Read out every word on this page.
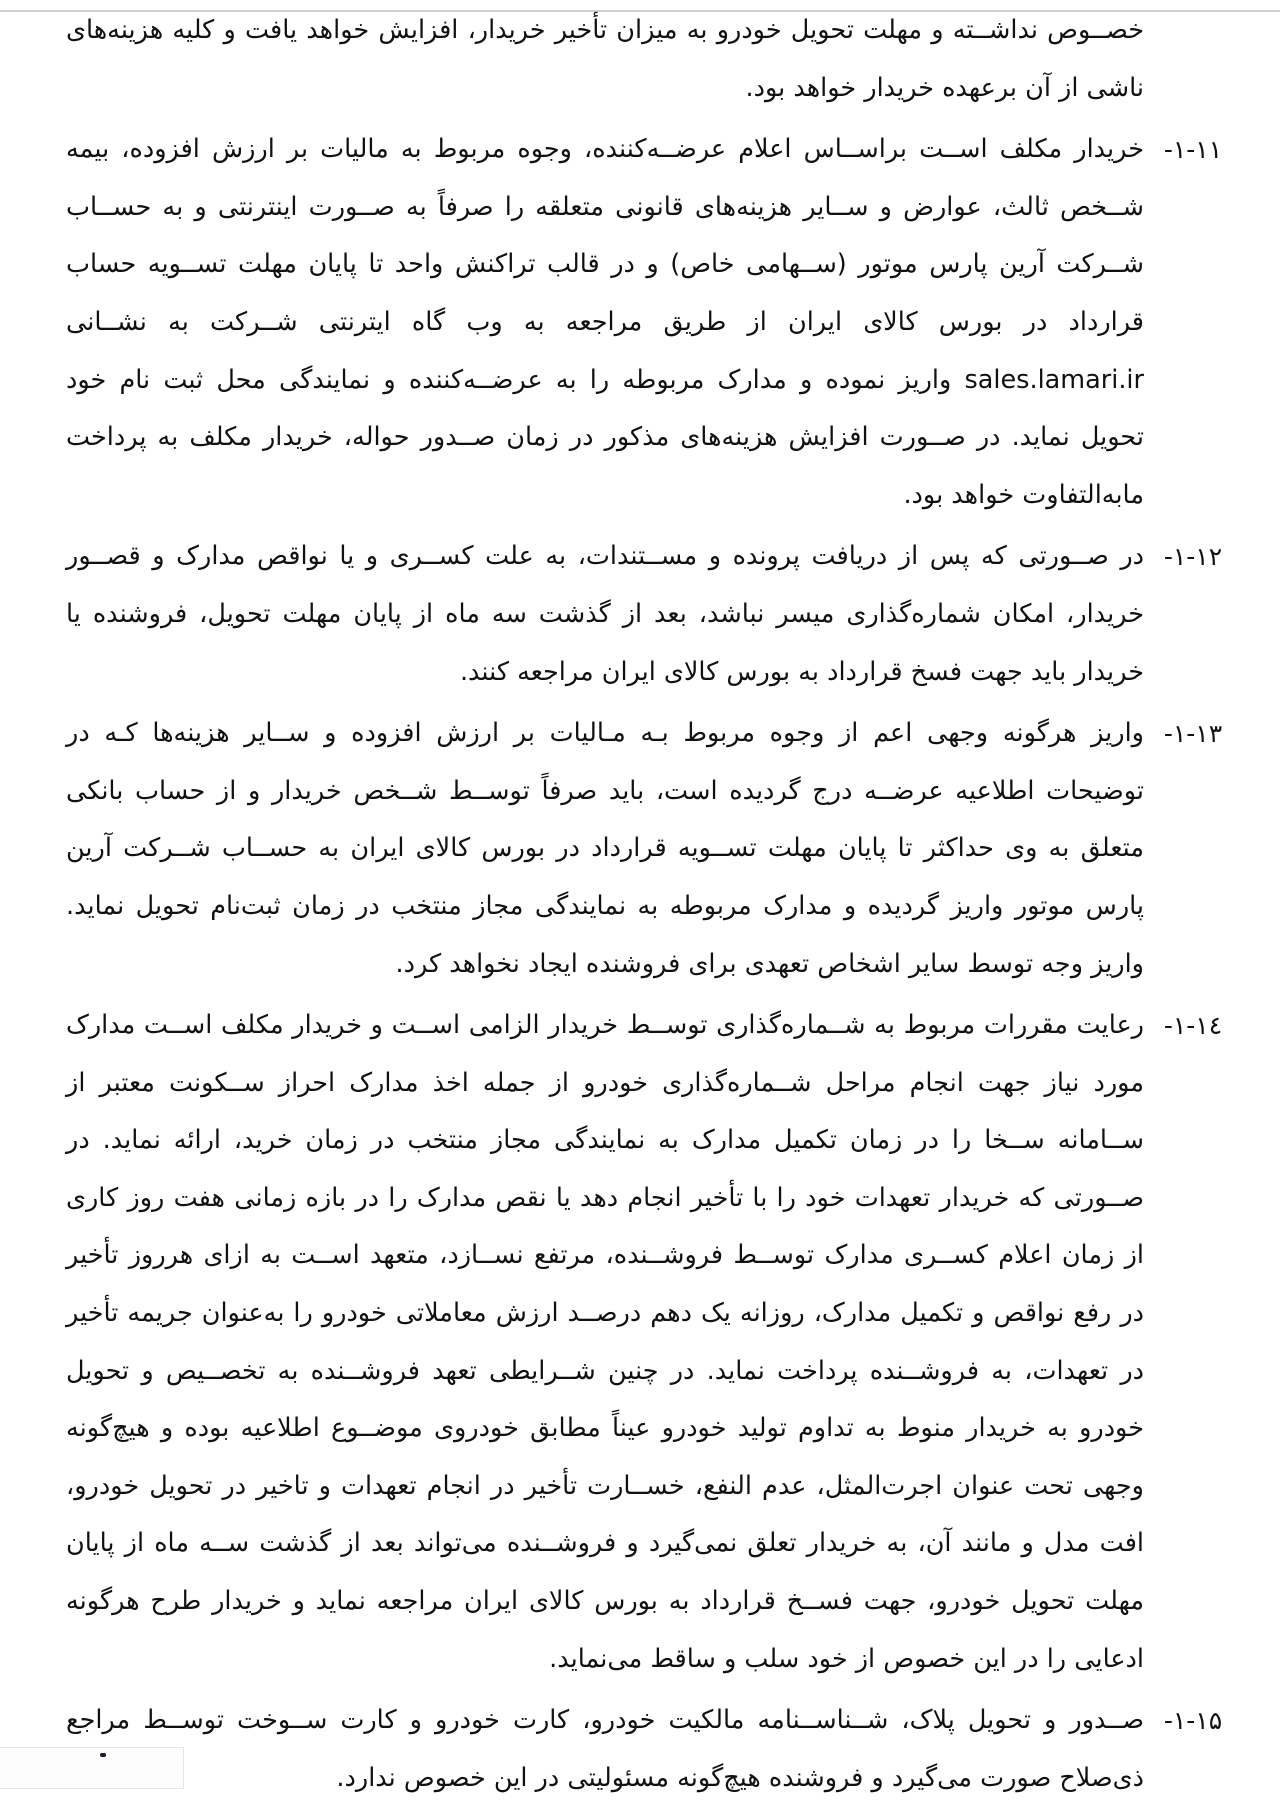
خصــوص نداشــته و مهلت تحویل خودرو به میزان تأخیر خریدار، افزایش خواهد یافت و کلیه هزینه‌های ناشی از آن برعهده خریدار خواهد بود.
-۱-۱۱
خریدار مکلف اســت براســاس اعلام عرضــه‌کننده، وجوه مربوط به مالیات بر ارزش افزوده، بیمه شــخص ثالث، عوارض و ســایر هزینه‌های قانونی متعلقه را صرفاً به صــورت اینترنتی و به حســاب شــرکت آرین پارس موتور (ســهامی خاص) و در قالب تراکنش واحد تا پایان مهلت تســویه حساب قرارداد در بورس کالای ایران از طریق مراجعه به وب گاه ایترنتی شــرکت به نشــانی sales.lamari.ir واریز نموده و مدارک مربوطه را به عرضــه‌کننده و نمایندگی محل ثبت نام خود تحویل نماید. در صــورت افزایش هزینه‌های مذکور در زمان صــدور حواله، خریدار مکلف به پرداخت مابه‌التفاوت خواهد بود.
-۱-۱۲
در صــورتی که پس از دریافت پرونده و مســتندات، به علت کســری و یا نواقص مدارک و قصــور خریدار، امکان شماره‌گذاری میسر نباشد، بعد از گذشت سه ماه از پایان مهلت تحویل، فروشنده یا خریدار باید جهت فسخ قرارداد به بورس کالای ایران مراجعه کنند.
-۱-۱۳
واریز هرگونه وجهی اعم از وجوه مربوط بـه مـالیات بر ارزش افزوده و ســایر هزینه‌ها کـه در توضیحات اطلاعیه عرضــه درج گردیده است، باید صرفاً توســط شــخص خریدار و از حساب بانکی متعلق به وی حداکثر تا پایان مهلت تســویه قرارداد در بورس کالای ایران به حســاب شــرکت آرین پارس موتور واریز گردیده و مدارک مربوطه به نمایندگی مجاز منتخب در زمان ثبت‌نام تحویل نماید. واریز وجه توسط سایر اشخاص تعهدی برای فروشنده ایجاد نخواهد کرد.
-۱-۱٤
رعایت مقررات مربوط به شــماره‌گذاری توســط خریدار الزامی اســت و خریدار مکلف اســت مدارک مورد نیاز جهت انجام مراحل شــماره‌گذاری خودرو از جمله اخذ مدارک احراز ســکونت معتبر از ســامانه ســخا را در زمان تکمیل مدارک به نمایندگی مجاز منتخب در زمان خرید، ارائه نماید. در صــورتی که خریدار تعهدات خود را با تأخیر انجام دهد یا نقص مدارک را در بازه زمانی هفت روز کاری از زمان اعلام کســری مدارک توســط فروشــنده، مرتفع نســازد، متعهد اســت به ازای هرروز تأخیر در رفع نواقص و تکمیل مدارک، روزانه یک دهم درصــد ارزش معاملاتی خودرو را به‌عنوان جریمه تأخیر در تعهدات، به فروشــنده پرداخت نماید. در چنین شــرایطی تعهد فروشــنده به تخصــیص و تحویل خودرو به خریدار منوط به تداوم تولید خودرو عیناً مطابق خودروی موضــوع اطلاعیه بوده و هیچ‌گونه وجهی تحت عنوان اجرت‌المثل، عدم النفع، خســارت تأخیر در انجام تعهدات و تاخیر در تحویل خودرو، افت مدل و مانند آن، به خریدار تعلق نمی‌گیرد و فروشــنده می‌تواند بعد از گذشت ســه ماه از پایان مهلت تحویل خودرو، جهت فســخ قرارداد به بورس کالای ایران مراجعه نماید و خریدار طرح هرگونه ادعایی را در این خصوص از خود سلب و ساقط می‌نماید.
-۱-۱۵
صــدور و تحویل پلاک، شــناســنامه مالکیت خودرو، کارت خودرو و کارت ســوخت توســط مراجع ذی‌صلاح صورت می‌گیرد و فروشنده هیچ‌گونه مسئولیتی در این خصوص ندارد.
